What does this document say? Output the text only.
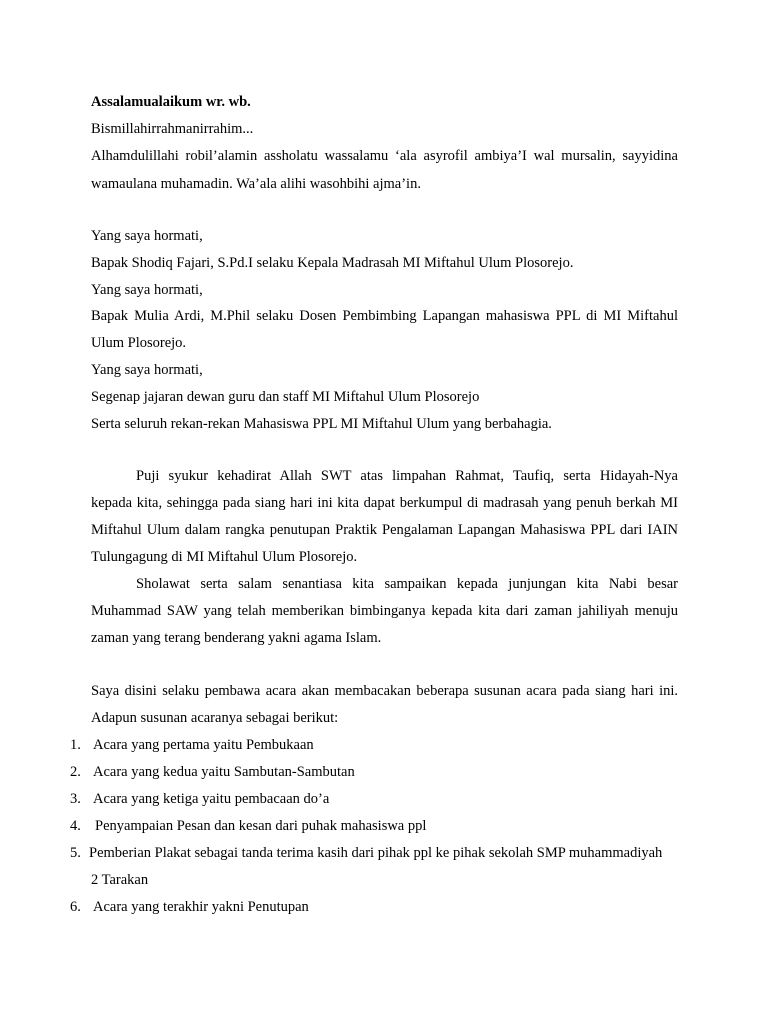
Assalamualaikum wr. wb.

Bismillahirrahmanirrahim...

Alhamdulillahi robil’alamin assholatu wassalamu ‘ala asyrofil ambiya’I wal mursalin, sayyidina

wamaulana muhamadin. Wa’ala alihi wasohbihi ajma’in.

Yang saya hormati,

Bapak Shodiq Fajari, S.Pd.I selaku Kepala Madrasah MI Miftahul Ulum Plosorejo.

Yang saya hormati,

Bapak Mulia Ardi, M.Phil selaku Dosen Pembimbing Lapangan mahasiswa PPL di MI Miftahul

Ulum Plosorejo.

Yang saya hormati,

Segenap jajaran dewan guru dan staff MI Miftahul Ulum Plosorejo

Serta seluruh rekan-rekan Mahasiswa PPL MI Miftahul Ulum yang berbahagia.

Puji syukur kehadirat Allah SWT atas limpahan Rahmat, Taufiq, serta Hidayah-Nya

kepada kita, sehingga pada siang hari ini kita dapat berkumpul di madrasah yang penuh berkah MI

Miftahul Ulum dalam rangka penutupan Praktik Pengalaman Lapangan Mahasiswa PPL dari IAIN

Tulungagung di MI Miftahul Ulum Plosorejo.

Sholawat serta salam senantiasa kita sampaikan kepada junjungan kita Nabi besar

Muhammad SAW yang telah memberikan bimbinganya kepada kita dari zaman jahiliyah menuju

zaman yang terang benderang yakni agama Islam.

Saya disini selaku pembawa acara akan membacakan beberapa susunan acara pada siang hari ini.

Adapun susunan acaranya sebagai berikut:

1. Acara yang pertama yaitu Pembukaan
2. Acara yang kedua yaitu Sambutan-Sambutan
3. Acara yang ketiga yaitu pembacaan do’a
4. Penyampaian Pesan dan kesan dari puhak mahasiswa ppl
5. Pemberian Plakat sebagai tanda terima kasih dari pihak ppl ke pihak sekolah SMP muhammadiyah
2 Tarakan
6. Acara yang terakhir yakni Penutupan
